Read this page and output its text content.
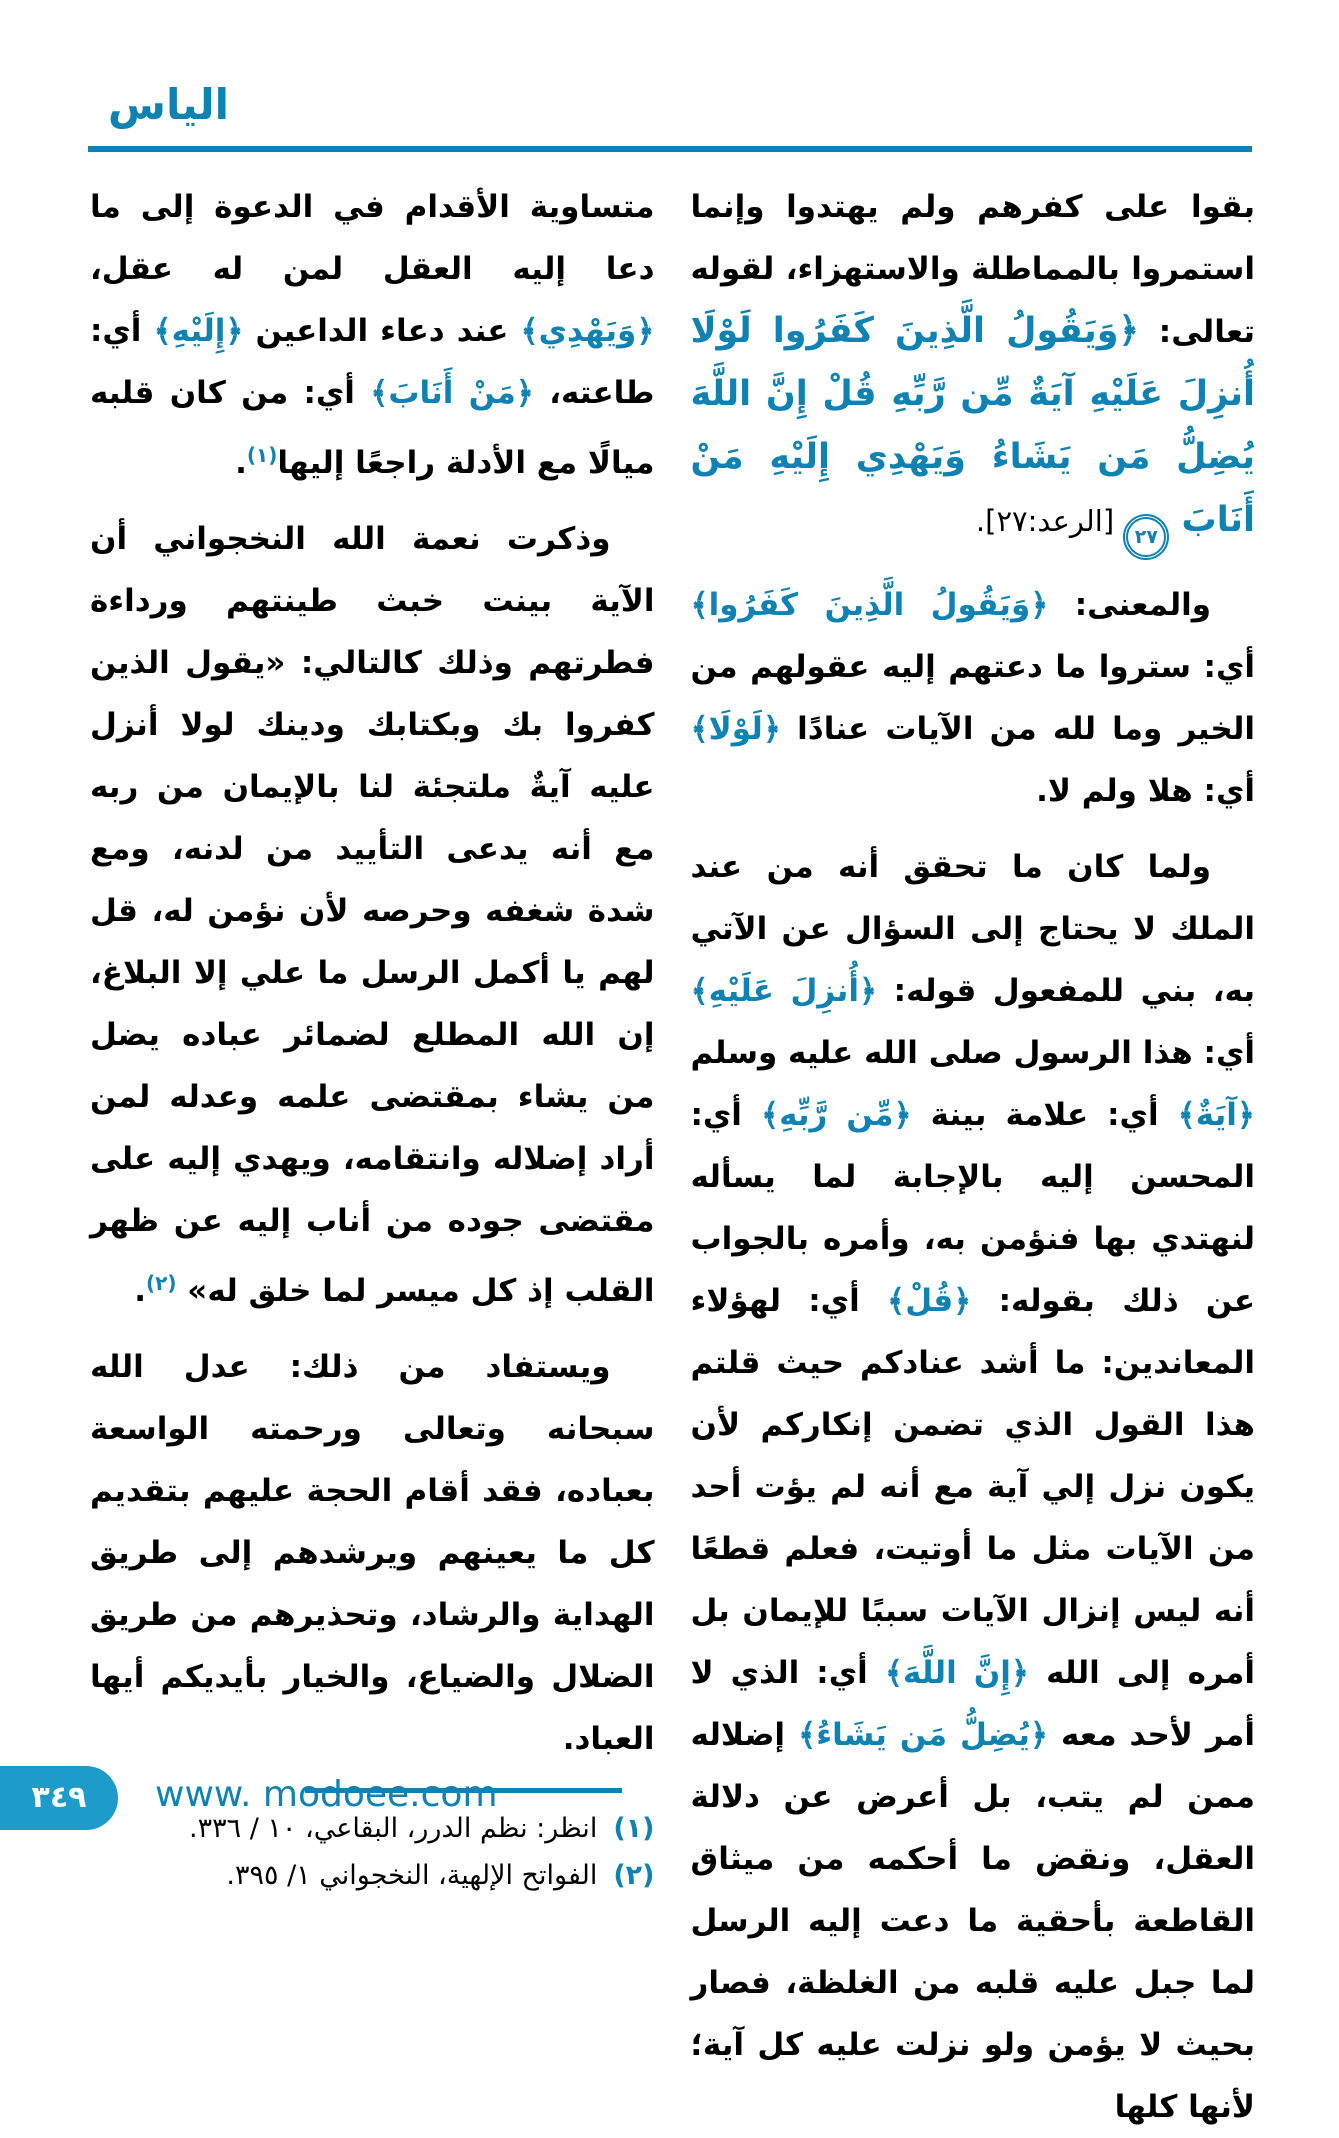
الياس

بقوا على كفرهم ولم يهتدوا وإنما استمروا بالمماطلة والاستهزاء، لقوله تعالى: ﴿وَيَقُولُ الَّذِينَ كَفَرُوا لَوْلَا أُنزِلَ عَلَيْهِ آيَةٌ مِّن رَّبِّهِ قُلْ إِنَّ اللَّهَ يُضِلُّ مَن يَشَاءُ وَيَهْدِي إِلَيْهِ مَنْ أَنَابَ ٢٧ [الرعد:٢٧].

والمعنى: ﴿وَيَقُولُ الَّذِينَ كَفَرُوا﴾ أي: ستروا ما دعتهم إليه عقولهم من الخير وما لله من الآيات عنادًا ﴿لَوْلَا﴾ أي: هلا ولم لا.

ولما كان ما تحقق أنه من عند الملك لا يحتاج إلى السؤال عن الآتي به، بني للمفعول قوله: ﴿أُنزِلَ عَلَيْهِ﴾ أي: هذا الرسول صلى الله عليه وسلم ﴿آيَةٌ﴾ أي: علامة بينة ﴿مِّن رَّبِّهِ﴾ أي: المحسن إليه بالإجابة لما يسأله لنهتدي بها فنؤمن به، وأمره بالجواب عن ذلك بقوله: ﴿قُلْ﴾ أي: لهؤلاء المعاندين: ما أشد عنادكم حيث قلتم هذا القول الذي تضمن إنكاركم لأن يكون نزل إلي آية مع أنه لم يؤت أحد من الآيات مثل ما أوتيت، فعلم قطعًا أنه ليس إنزال الآيات سببًا للإيمان بل أمره إلى الله ﴿إِنَّ اللَّهَ﴾ أي: الذي لا أمر لأحد معه ﴿يُضِلُّ مَن يَشَاءُ﴾ إضلاله ممن لم يتب، بل أعرض عن دلالة العقل، ونقض ما أحكمه من ميثاق القاطعة بأحقية ما دعت إليه الرسل لما جبل عليه قلبه من الغلظة، فصار بحيث لا يؤمن ولو نزلت عليه كل آية؛ لأنها كلها

متساوية الأقدام في الدعوة إلى ما دعا إليه العقل لمن له عقل، ﴿وَيَهْدِي﴾ عند دعاء الداعين ﴿إِلَيْهِ﴾ أي: طاعته، ﴿مَنْ أَنَابَ﴾ أي: من كان قلبه ميالًا مع الأدلة راجعًا إليها$^{(١)}$.

وذكرت نعمة الله النخجواني أن الآية بينت خبث طينتهم ورداءة فطرتهم وذلك كالتالي: «يقول الذين كفروا بك وبكتابك ودينك لولا أنزل عليه آيةٌ ملتجئة لنا بالإيمان من ربه مع أنه يدعى التأييد من لدنه، ومع شدة شغفه وحرصه لأن نؤمن له، قل لهم يا أكمل الرسل ما علي إلا البلاغ، إن الله المطلع لضمائر عباده يضل من يشاء بمقتضى علمه وعدله لمن أراد إضلاله وانتقامه، ويهدي إليه على مقتضى جوده من أناب إليه عن ظهر القلب إذ كل ميسر لما خلق له» $^{(٢)}$.

ويستفاد من ذلك: عدل الله سبحانه وتعالى ورحمته الواسعة بعباده، فقد أقام الحجة عليهم بتقديم كل ما يعينهم ويرشدهم إلى طريق الهداية والرشاد، وتحذيرهم من طريق الضلال والضياع، والخيار بأيديكم أيها العباد.

(١)
انظر: نظم الدرر، البقاعي، ١٠ / ٣٣٦.
(٢)
الفواتح الإلهية، النخجواني ١/ ٣٩٥.
٣٤٩ www. modoee.com
